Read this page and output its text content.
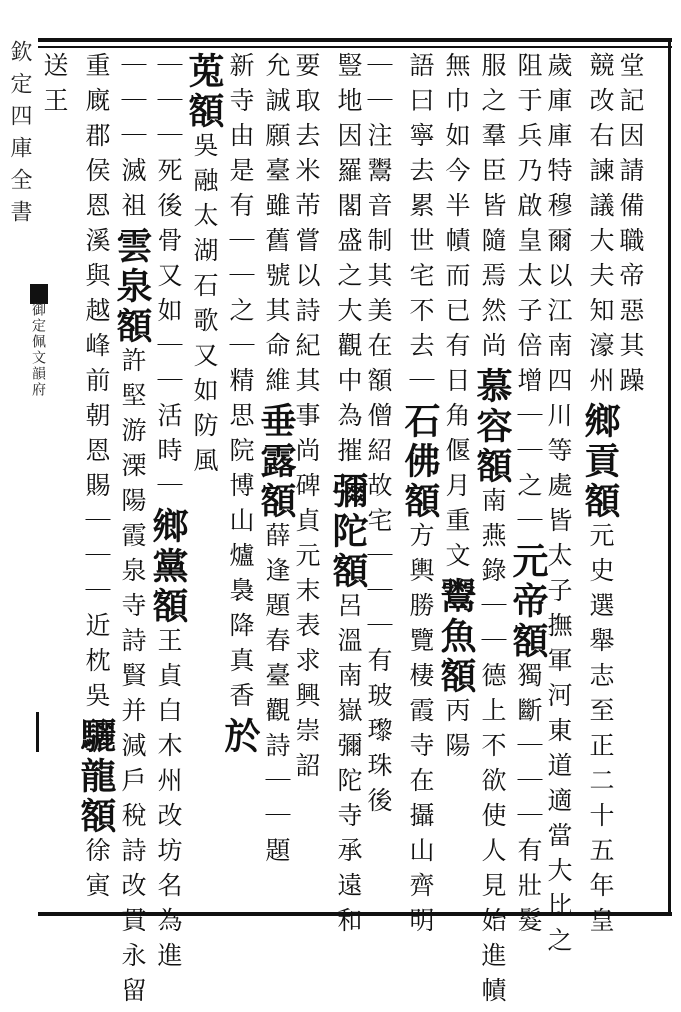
欽定四庫全書
御定佩文韻府	堂記因請備職帝惡其躁
競改右諫議大夫知濠州鄉貢額元史選舉志至正二十五年皇
歲庫庫特穆爾以江南四川等處皆太子撫軍河東道適當大比之
阻于兵乃啟皇太子倍增｜｜之｜元帝額獨斷｜｜｜有壯髮
服之羣臣皆隨焉然尚慕容額南燕錄｜｜德上不欲使人見始進幘
無巾如今半幘而已有日角偃月重文鬻魚額丙陽
語曰寧去累世宅不去｜石佛額方輿勝覽棲霞寺在攝山齊明
｜｜注鬻音制其美在額僧紹故宅｜｜｜有玻瓈珠後
豎地因羅閣盛之大觀中為摧彌陀額呂溫南嶽彌陀寺承遠和
要取去米芾嘗以詩紀其事尚碑貞元末表求興崇詔
允誠願臺雖舊號其命維垂露額薛逢題春臺觀詩｜｜題
新寺由是有｜｜之｜精思院博山爐裊降真香於
莵額吳融太湖石歌又如防風
｜｜｜死後骨又如｜｜活時｜鄉黨額王貞白木州改坊名為進
｜｜｜滅祖雲泉額許堅游溧陽霞泉寺詩賢并減戶稅詩改貫永留
重廐郡侯恩溪與越峰前朝恩賜｜｜｜近枕吳驪龍額徐寅
送王
